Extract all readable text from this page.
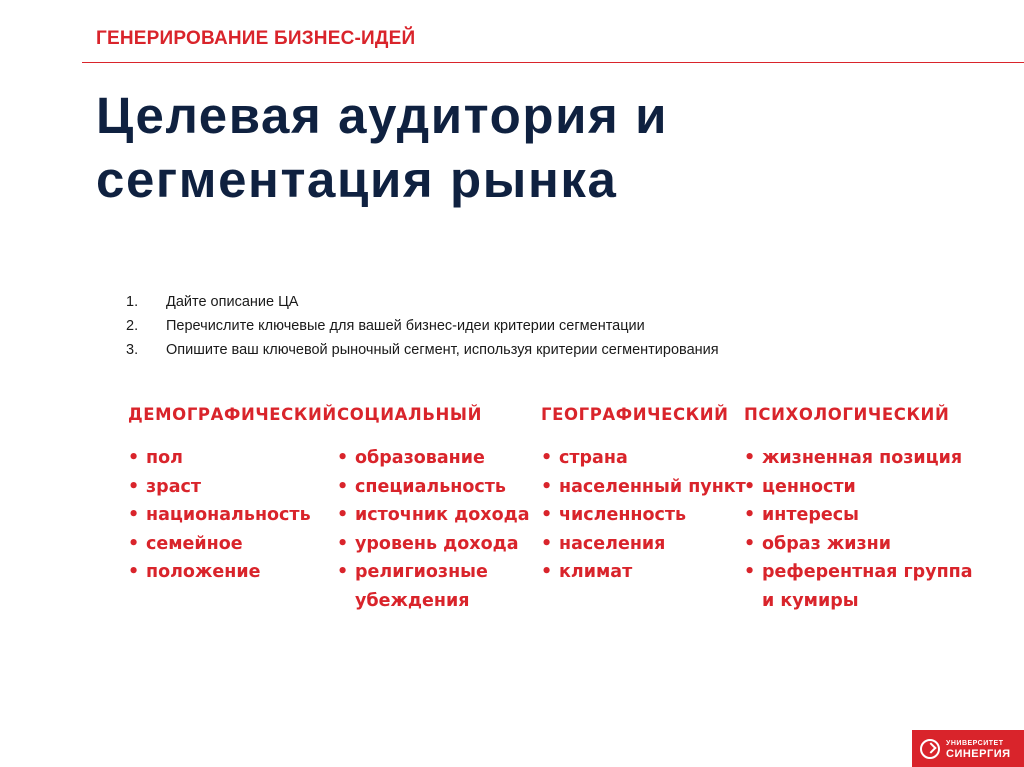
ГЕНЕРИРОВАНИЕ БИЗНЕС-ИДЕЙ
Целевая аудитория и
сегментация рынка
1.	Дайте описание ЦА
2.	Перечислите ключевые для вашей бизнес-идеи критерии сегментации
3.	Опишите ваш ключевой рыночный сегмент, используя критерии сегментирования
ДЕМОГРАФИЧЕСКИЙ
• пол
• зраст
• национальность
• семейное
• положение
СОЦИАЛЬНЫЙ
• образование
• специальность
• источник дохода
• уровень дохода
• религиозные
убеждения
ГЕОГРАФИЧЕСКИЙ
• страна
• населенный пункт
• численность
• населения
• климат
ПСИХОЛОГИЧЕСКИЙ
• жизненная позиция
• ценности
• интересы
• образ жизни
• референтная группа
и кумиры
УНИВЕРСИТЕТ
СИНЕРГИЯ
